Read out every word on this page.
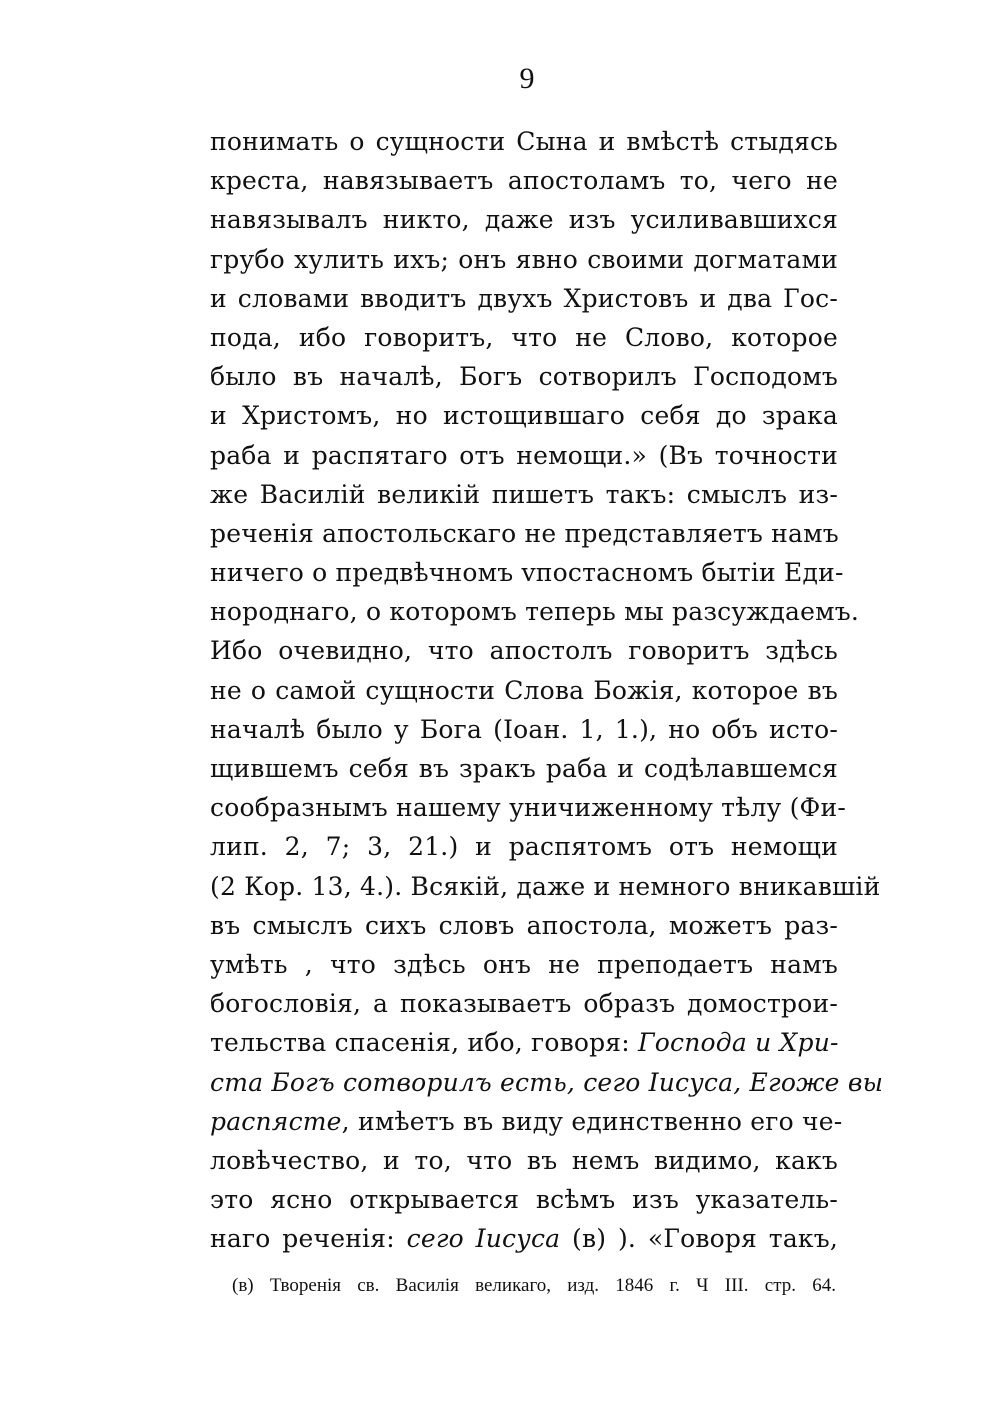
9
понимать о сущности Сына и вмѣстѣ стыдясь
креста, навязываетъ апостоламъ то, чего не
навязывалъ никто, даже изъ усиливавшихся
грубо хулить ихъ; онъ явно своими догматами
и словами вводитъ двухъ Христовъ и два Гос-
пода, ибо говоритъ, что не Слово, которое
было въ началѣ, Богъ сотворилъ Господомъ
и Христомъ, но истощившаго себя до зрака
раба и распятаго отъ немощи.» (Въ точности
же Василій великій пишетъ такъ: смыслъ из-
реченія апостольскаго не представляетъ намъ
ничего о предвѣчномъ vпостасномъ бытіи Еди-
нороднаго, о которомъ теперь мы разсуждаемъ.
Ибо очевидно, что апостолъ говоритъ здѣсь
не о самой сущности Слова Божія, которое въ
началѣ было у Бога (Іоан. 1, 1.), но объ исто-
щившемъ себя въ зракъ раба и содѣлавшемся
сообразнымъ нашему уничиженному тѣлу (Фи-
лип. 2, 7; 3, 21.) и распятомъ отъ немощи
(2 Кор. 13, 4.). Всякій, даже и немного вникавшій
въ смыслъ сихъ словъ апостола, можетъ раз-
умѣть , что здѣсь онъ не преподаетъ намъ
богословія, а показываетъ образъ домострои-
тельства спасенія, ибо, говоря: Господа и Хри-
ста Богъ сотворилъ есть, сего Іисуса, Егоже вы
распясте, имѣетъ въ виду единственно его че-
ловѣчество, и то, что въ немъ видимо, какъ
это ясно открывается всѣмъ изъ указатель-
наго реченія: сего Іисуса (в) ). «Говоря такъ,
(в) Творенія св. Василія великаго, изд. 1846 г. Ч III. стр. 64.
